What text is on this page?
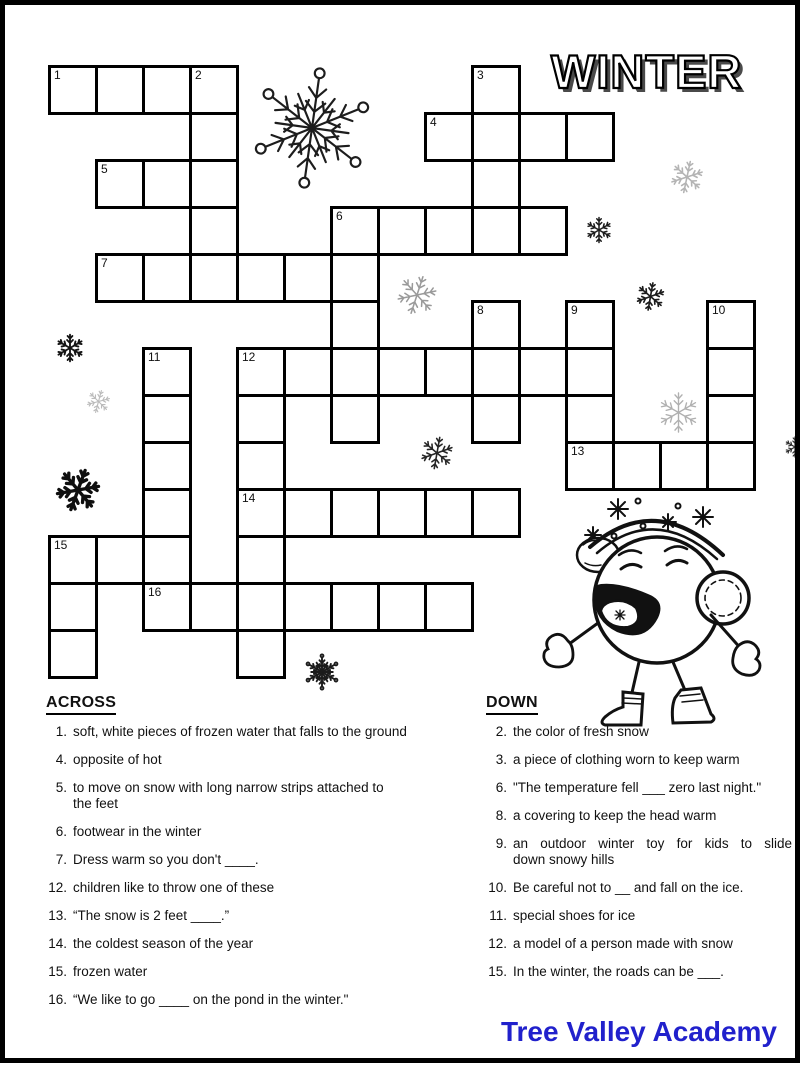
WINTER
1	2	3
4
5
6
7
8	9	10
11	12
13
14
15
16
ACROSS
1. soft, white pieces of frozen water that falls to the ground
4. opposite of hot
5. to move on snow with long narrow strips attached to
the feet
6. footwear in the winter
7. Dress warm so you don't ____.
12. children like to throw one of these
13. “The snow is 2 feet ____.”
14. the coldest season of the year
15. frozen water
16. “We like to go ____ on the pond in the winter."
DOWN
2. the color of fresh snow
3. a piece of clothing worn to keep warm
6. "The temperature fell ___ zero last night."
8. a covering to keep the head warm
9. an outdoor winter toy for kids to slide
down snowy hills
10. Be careful not to __ and fall on the ice.
11. special shoes for ice
12. a model of a person made with snow
15. In the winter, the roads can be ___.
Tree Valley Academy
